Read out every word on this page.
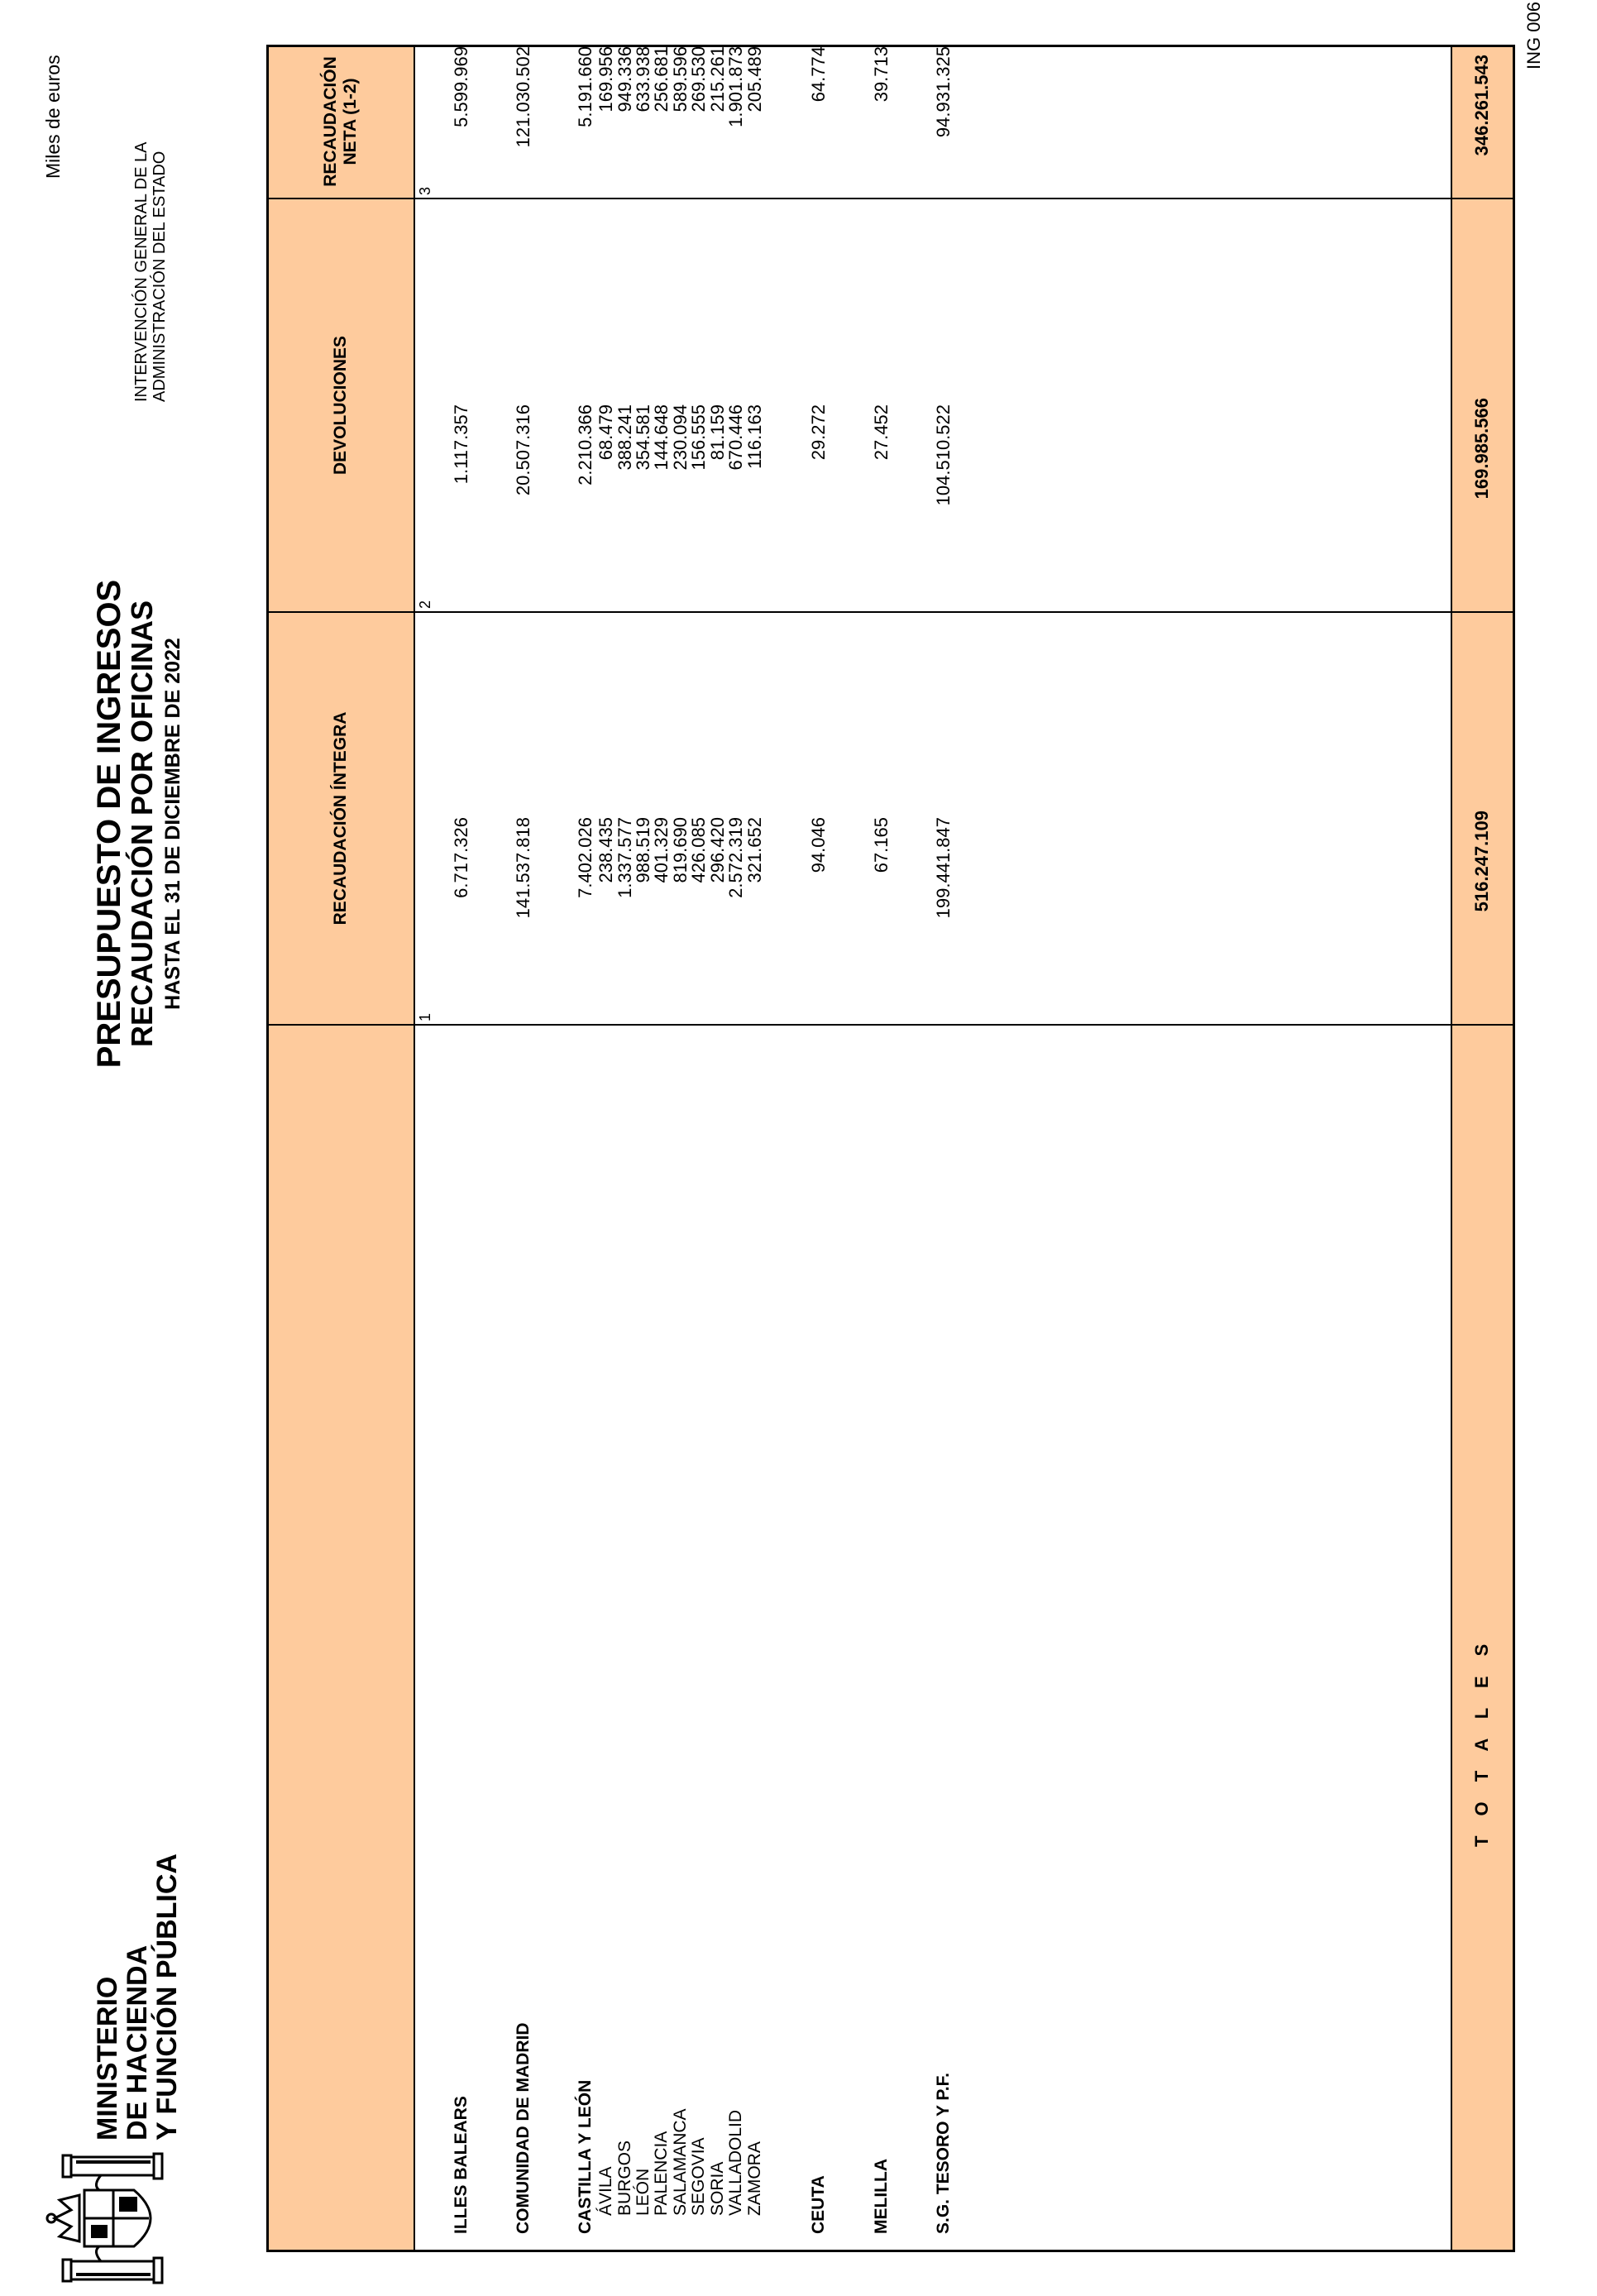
MINISTERIO
DE HACIENDA
Y FUNCIÓN PÚBLICA
PRESUPUESTO DE INGRESOS
RECAUDACIÓN POR OFICINAS HASTA EL 31 DE DICIEMBRE DE 2022
INTERVENCIÓN GENERAL DE LA ADMINISTRACIÓN DEL ESTADO
Miles de euros
ING 006
RECAUDACIÓN ÍNTEGRA
DEVOLUCIONES
RECAUDACIÓN NETA (1-2)
1
2
3
ILLES BALEARS
6.717.326
1.117.357
5.599.969
COMUNIDAD DE MADRID
141.537.818
20.507.316
121.030.502
CASTILLA Y LEÓN
7.402.026
2.210.366
5.191.660
ÁVILA
238.435
68.479
169.956
BURGOS
1.337.577
388.241
949.336
LEÓN
988.519
354.581
633.938
PALENCIA
401.329
144.648
256.681
SALAMANCA
819.690
230.094
589.596
SEGOVIA
426.085
156.555
269.530
SORIA
296.420
81.159
215.261
VALLADOLID
2.572.319
670.446
1.901.873
ZAMORA
321.652
116.163
205.489
CEUTA
94.046
29.272
64.774
MELILLA
67.165
27.452
39.713
S.G. TESORO Y P.F.
199.441.847
104.510.522
94.931.325
T O T A L E S
516.247.109
169.985.566
346.261.543
